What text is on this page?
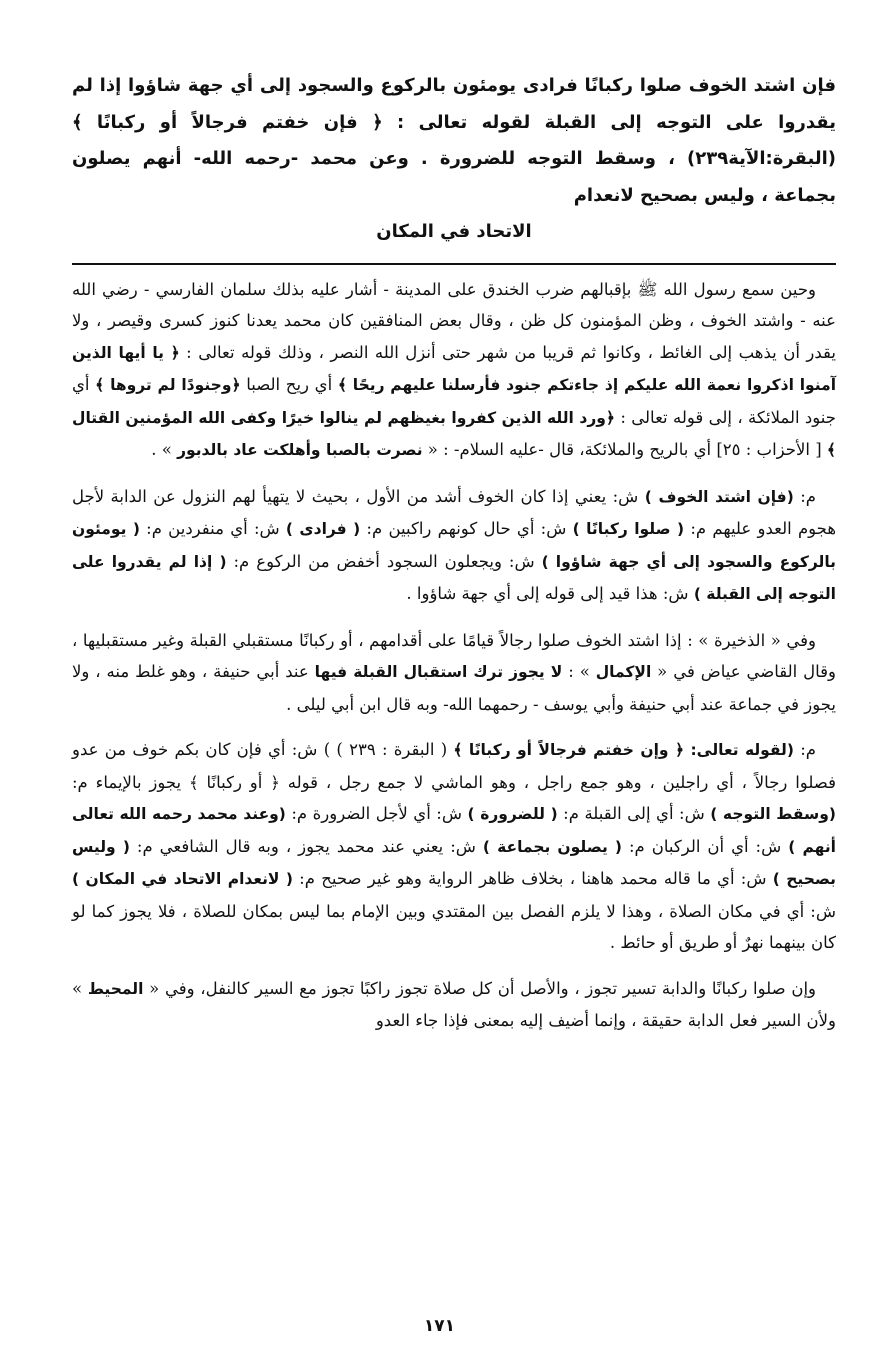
فإن اشتد الخوف صلوا ركبانًا فرادى يومئون بالركوع والسجود إلى أي جهة شاؤوا إذا لم يقدروا على التوجه إلى القبلة لقوله تعالى : ﴿ فإن خفتم فرجالاً أو ركبانًا ﴾ (البقرة:الآية٢٣٩) ، وسقط التوجه للضرورة . وعن محمد -رحمه الله- أنهم يصلون بجماعة ، وليس بصحيح لانعدام
الاتحاد في المكان

وحين سمع رسول الله ﷺ بإقبالهم ضرب الخندق على المدينة - أشار عليه بذلك سلمان الفارسي - رضي الله عنه - واشتد الخوف ، وظن المؤمنون كل ظن ، وقال بعض المنافقين كان محمد يعدنا كنوز كسرى وقيصر ، ولا يقدر أن يذهب إلى الغائط ، وكانوا ثم قريبا من شهر حتى أنزل الله النصر ، وذلك قوله تعالى : ﴿ يا أيها الذين آمنوا اذكروا نعمة الله عليكم إذ جاءتكم جنود فأرسلنا عليهم ريحًا ﴾ أي ريح الصبا ﴿وجنودًا لم تروها ﴾ أي جنود الملائكة ، إلى قوله تعالى : ﴿ورد الله الذين كفروا بغيظهم لم ينالوا خيرًا وكفى الله المؤمنين القتال ﴾ [ الأحزاب : ٢٥] أي بالريح والملائكة، قال -عليه السلام- : « نصرت بالصبا وأهلكت عاد بالدبور » .

م: (فإن اشتد الخوف ) ش: يعني إذا كان الخوف أشد من الأول ، بحيث لا يتهيأ لهم النزول عن الدابة لأجل هجوم العدو عليهم م: ( صلوا ركبانًا ) ش: أي حال كونهم راكبين م: ( فرادى ) ش: أي منفردين م: ( يومئون بالركوع والسجود إلى أي جهة شاؤوا ) ش: ويجعلون السجود أخفض من الركوع م: ( إذا لم يقدروا على التوجه إلى القبلة ) ش: هذا قيد إلى قوله إلى أي جهة شاؤوا .

وفي « الذخيرة » : إذا اشتد الخوف صلوا رجالاً قيامًا على أقدامهم ، أو ركبانًا مستقبلي القبلة وغير مستقبليها ، وقال القاضي عياض في « الإكمال » : لا يجوز ترك استقبال القبلة فيها عند أبي حنيفة ، وهو غلط منه ، ولا يجوز في جماعة عند أبي حنيفة وأبي يوسف - رحمهما الله- وبه قال ابن أبي ليلى .

م: (لقوله تعالى: ﴿ وإن خفتم فرجالاً أو ركبانًا ﴾ ( البقرة : ٢٣٩ ) ) ش: أي فإن كان بكم خوف من عدو فصلوا رجالاً ، أي راجلين ، وهو جمع راجل ، وهو الماشي لا جمع رجل ، قوله ﴿ أو ركبانًا ﴾ يجوز بالإيماء م: (وسقط التوجه ) ش: أي إلى القبلة م: ( للضرورة ) ش: أي لأجل الضرورة م: (وعند محمد رحمه الله تعالى أنهم ) ش: أي أن الركبان م: ( يصلون بجماعة ) ش: يعني عند محمد يجوز ، وبه قال الشافعي م: ( وليس بصحيح ) ش: أي ما قاله محمد هاهنا ، بخلاف ظاهر الرواية وهو غير صحيح م: ( لانعدام الاتحاد في المكان ) ش: أي في مكان الصلاة ، وهذا لا يلزم الفصل بين المقتدي وبين الإمام بما ليس بمكان للصلاة ، فلا يجوز كما لو كان بينهما نهرٌ أو طريق أو حائط .

وإن صلوا ركبانًا والدابة تسير تجوز ، والأصل أن كل صلاة تجوز راكبًا تجوز مع السير كالنفل، وفي « المحيط » ولأن السير فعل الدابة حقيقة ، وإنما أضيف إليه بمعنى فإذا جاء العدو

١٧١
